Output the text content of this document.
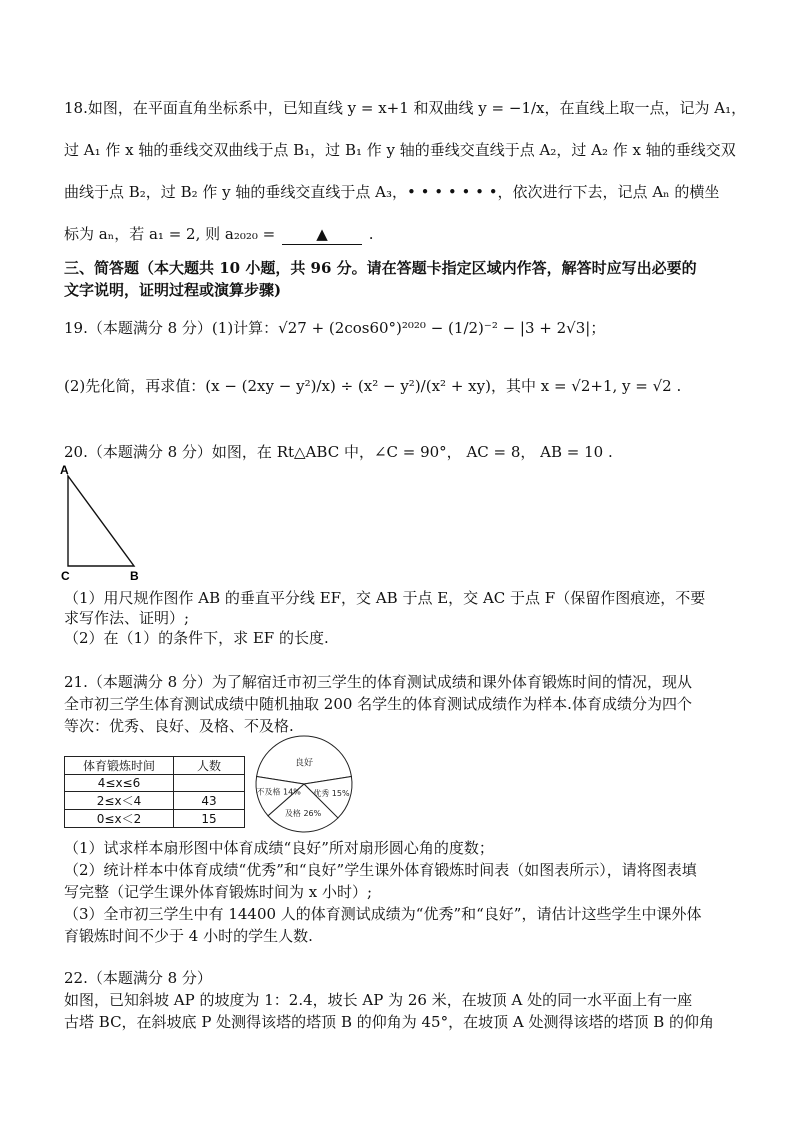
18.如图，在平面直角坐标系中，已知直线 y = x+1 和双曲线 y = −1/x，在直线上取一点，记为 A₁，
过 A₁ 作 x 轴的垂线交双曲线于点 B₁，过 B₁ 作 y 轴的垂线交直线于点 A₂，过 A₂ 作 x 轴的垂线交双
曲线于点 B₂，过 B₂ 作 y 轴的垂线交直线于点 A₃，• • • • • • •，依次进行下去，记点 Aₙ 的横坐
标为 aₙ，若 a₁ = 2, 则 a₂₀₂₀ =	▲	.
三、简答题（本大题共 10 小题，共 96 分。请在答题卡指定区域内作答，解答时应写出必要的
文字说明，证明过程或演算步骤)
19.（本题满分 8 分）(1)计算：√27 + (2cos60°)²⁰²⁰ − (1/2)⁻² − |3 + 2√3|；
(2)先化简，再求值：(x − (2xy − y²)/x) ÷ (x² − y²)/(x² + xy)，其中 x = √2+1, y = √2 .
20.（本题满分 8 分）如图，在 Rt△ABC 中，∠C = 90°， AC = 8， AB = 10 .
A
C	B
（1）用尺规作图作 AB 的垂直平分线 EF，交 AB 于点 E，交 AC 于点 F（保留作图痕迹，不要
求写作法、证明）;
（2）在（1）的条件下，求 EF 的长度.
21.（本题满分 8 分）为了解宿迁市初三学生的体育测试成绩和课外体育锻炼时间的情况，现从
全市初三学生体育测试成绩中随机抽取 200 名学生的体育测试成绩作为样本.体育成绩分为四个
等次：优秀、良好、及格、不及格.
体育锻炼时间	人数
4≤x≤6	
2≤x＜4	43
0≤x＜2	15
良好
优秀 15%
及格 26%
不及格 14%
（1）试求样本扇形图中体育成绩“良好”所对扇形圆心角的度数；
（2）统计样本中体育成绩“优秀”和“良好”学生课外体育锻炼时间表（如图表所示），请将图表填
写完整（记学生课外体育锻炼时间为 x 小时）;
（3）全市初三学生中有 14400 人的体育测试成绩为“优秀”和“良好”，请估计这些学生中课外体
育锻炼时间不少于 4 小时的学生人数.
22.（本题满分 8 分）
如图，已知斜坡 AP 的坡度为 1：2.4，坡长 AP 为 26 米，在坡顶 A 处的同一水平面上有一座
古塔 BC，在斜坡底 P 处测得该塔的塔顶 B 的仰角为 45°，在坡顶 A 处测得该塔的塔顶 B 的仰角
